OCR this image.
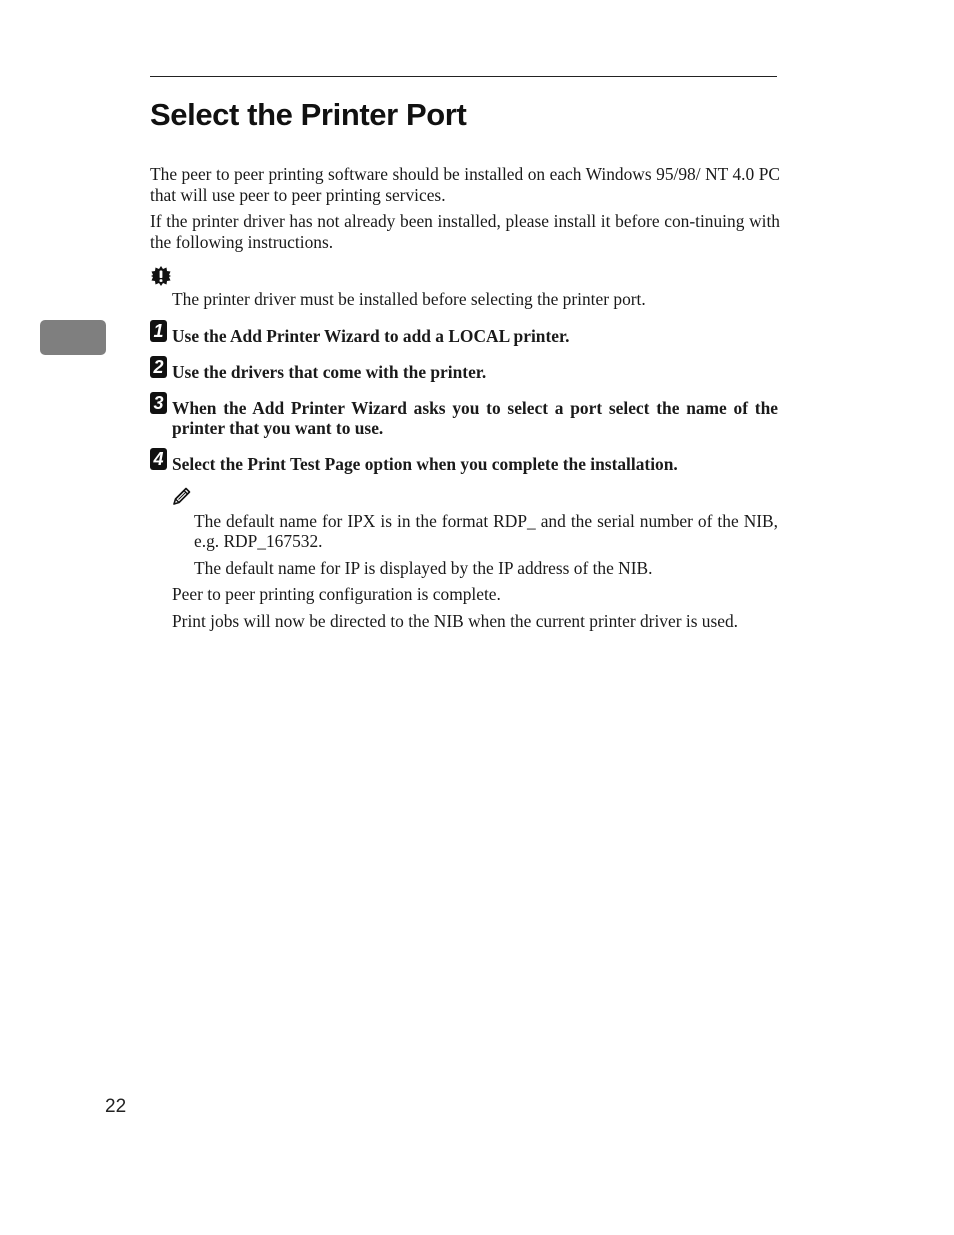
Select the Printer Port

The peer to peer printing software should be installed on each Windows 95/98/ NT 4.0 PC that will use peer to peer printing services.

If the printer driver has not already been installed, please install it before con-tinuing with the following instructions.

The printer driver must be installed before selecting the printer port.

1 Use the Add Printer Wizard to add a LOCAL printer.

2 Use the drivers that come with the printer.

3 When the Add Printer Wizard asks you to select a port select the name of the printer that you want to use.

4 Select the Print Test Page option when you complete the installation.

The default name for IPX is in the format RDP_ and the serial number of the NIB, e.g. RDP_167532.

The default name for IP is displayed by the IP address of the NIB.

Peer to peer printing configuration is complete.

Print jobs will now be directed to the NIB when the current printer driver is used.

22
